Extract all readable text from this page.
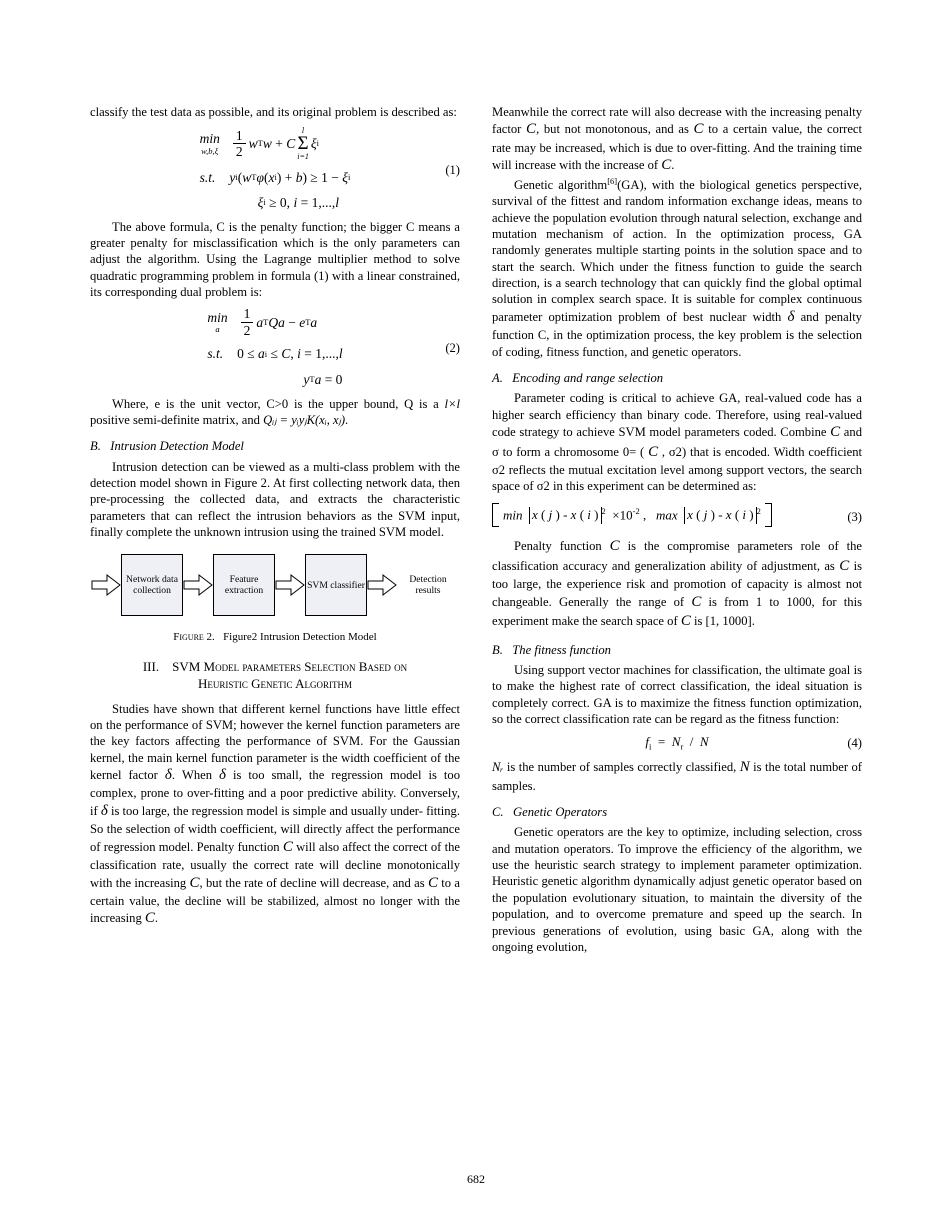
classify the test data as possible, and its original problem is described as:

min
$w,b,\xi \frac{1}{2}$ w T w + C
l
Σ
i=1
ξ i
s.t. y i ( w T φ ( x i ) + b ) ≥ 1 − ξ i
ξ i ≥ 0, i = 1,..., l
(1)

The above formula, C is the penalty function; the bigger C means a greater penalty for misclassification which is the only parameters can adjust the algorithm. Using the Lagrange multiplier method to solve quadratic programming problem in formula (1) with a linear constrained, its corresponding dual problem is:

min
a $\frac{1}{2}$ a T Q a − e T a
s.t. 0 ≤ a i ≤ C , i = 1,..., l
y T a = 0
(2)

Where, e is the unit vector, C>0 is the upper bound, Q is a l×l positive semi-definite matrix, and Qᵢⱼ = yᵢyⱼK(xᵢ, xⱼ).

B. Intrusion Detection Model

Intrusion detection can be viewed as a multi-class problem with the detection model shown in Figure 2. At first collecting network data, then pre-processing the collected data, and extracts the characteristic parameters that can reflect the intrusion behaviors as the SVM input, finally complete the unknown intrusion using the trained SVM model.

Network data collection
Feature extraction
SVM classifier
Detection results
Figure 2. Figure2 Intrusion Detection Model
III. SVM Model parameters Selection Based on
Heuristic Genetic Algorithm

Studies have shown that different kernel functions have little effect on the performance of SVM; however the kernel function parameters are the key factors affecting the performance of SVM. For the Gaussian kernel, the main kernel function parameter is the width coefficient of the kernel factor δ. When δ is too small, the regression model is too complex, prone to over-fitting and a poor predictive ability. Conversely, if δ is too large, the regression model is simple and usually under- fitting. So the selection of width coefficient, will directly affect the performance of regression model. Penalty function C will also affect the correct of the classification rate, usually the correct rate will decline monotonically with the increasing C, but the rate of decline will decrease, and as C to a certain value, the decline will be stabilized, almost no longer with the increasing C.

Meanwhile the correct rate will also decrease with the increasing penalty factor C, but not monotonous, and as C to a certain value, the correct rate may be increased, which is due to over-fitting. And the training time will increase with the increase of C.

Genetic algorithm[6](GA), with the biological genetics perspective, survival of the fittest and random information exchange ideas, means to achieve the population evolution through natural selection, exchange and mutation mechanism of action. In the optimization process, GA randomly generates multiple starting points in the solution space and to start the search. Which under the fitness function to guide the search direction, is a search technology that can quickly find the global optimal solution in complex search space. It is suitable for complex continuous parameter optimization problem of best nuclear width δ and penalty function C, in the optimization process, the key problem is the selection of coding, fitness function, and genetic operators.

A. Encoding and range selection

Parameter coding is critical to achieve GA, real-valued code has a higher search efficiency than binary code. Therefore, using real-valued code strategy to achieve SVM model parameters coded. Combine C and σ to form a chromosome 0= ( C , σ2) that is encoded. Width coefficient σ2 reflects the mutual excitation level among support vectors, the search space of σ2 in this experiment can be determined as:

min x ( j ) - x ( i ) $^2 \times 10^{-2}$ ,   max x ( j ) - x ( i ) $^2$	(3)

Penalty function C is the compromise parameters role of the classification accuracy and generalization ability of adjustment, as C is too large, the experience risk and promotion of capacity is almost not changeable. Generally the range of C is from 1 to 1000, for this experiment make the search space of C is [1, 1000].

B. The fitness function

Using support vector machines for classification, the ultimate goal is to make the highest rate of correct classification, the ideal situation is completely correct. GA is to maximize the fitness function optimization, so the correct classification rate can be regard as the fitness function:

$f_i = N_r / N$	(4)

Nᵣ is the number of samples correctly classified, N is the total number of samples.

C. Genetic Operators

Genetic operators are the key to optimize, including selection, cross and mutation operators. To improve the efficiency of the algorithm, we use the heuristic search strategy to implement parameter optimization. Heuristic genetic algorithm dynamically adjust genetic operator based on the population evolutionary situation, to maintain the diversity of the population, and to overcome premature and speed up the search. In previous generations of evolution, using basic GA, along with the ongoing evolution,

682
